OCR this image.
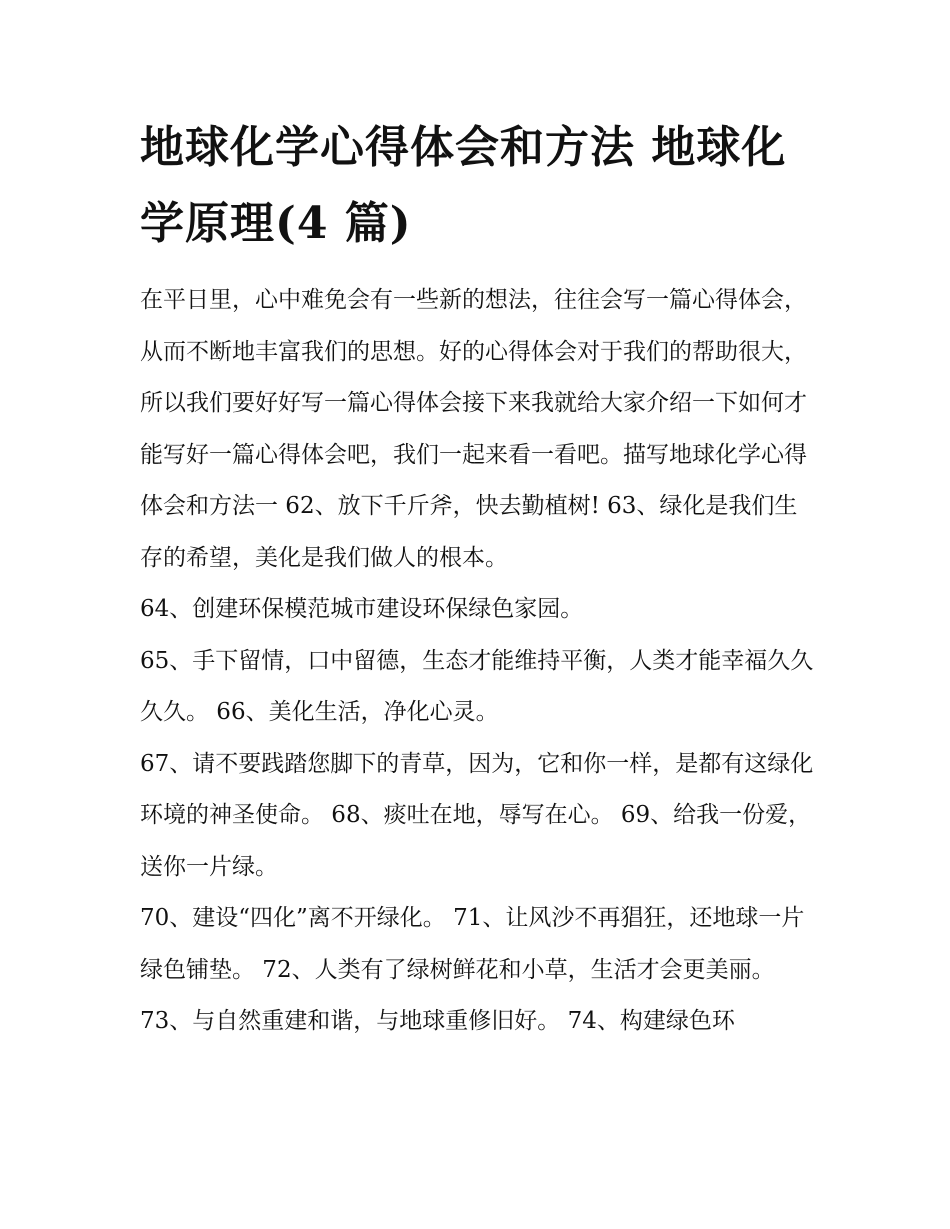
地球化学心得体会和方法 地球化学原理(4 篇)

在平日里，心中难免会有一些新的想法，往往会写一篇心得体会，从而不断地丰富我们的思想。好的心得体会对于我们的帮助很大，所以我们要好好写一篇心得体会接下来我就给大家介绍一下如何才能写好一篇心得体会吧，我们一起来看一看吧。描写地球化学心得体会和方法一 62、放下千斤斧，快去勤植树! 63、绿化是我们生存的希望，美化是我们做人的根本。

64、创建环保模范城市建设环保绿色家园。

65、手下留情，口中留德，生态才能维持平衡，人类才能幸福久久久久。 66、美化生活，净化心灵。

67、请不要践踏您脚下的青草，因为，它和你一样，是都有这绿化环境的神圣使命。 68、痰吐在地，辱写在心。 69、给我一份爱，送你一片绿。

70、建设“四化”离不开绿化。 71、让风沙不再猖狂，还地球一片绿色铺垫。 72、人类有了绿树鲜花和小草，生活才会更美丽。

73、与自然重建和谐，与地球重修旧好。 74、构建绿色环
